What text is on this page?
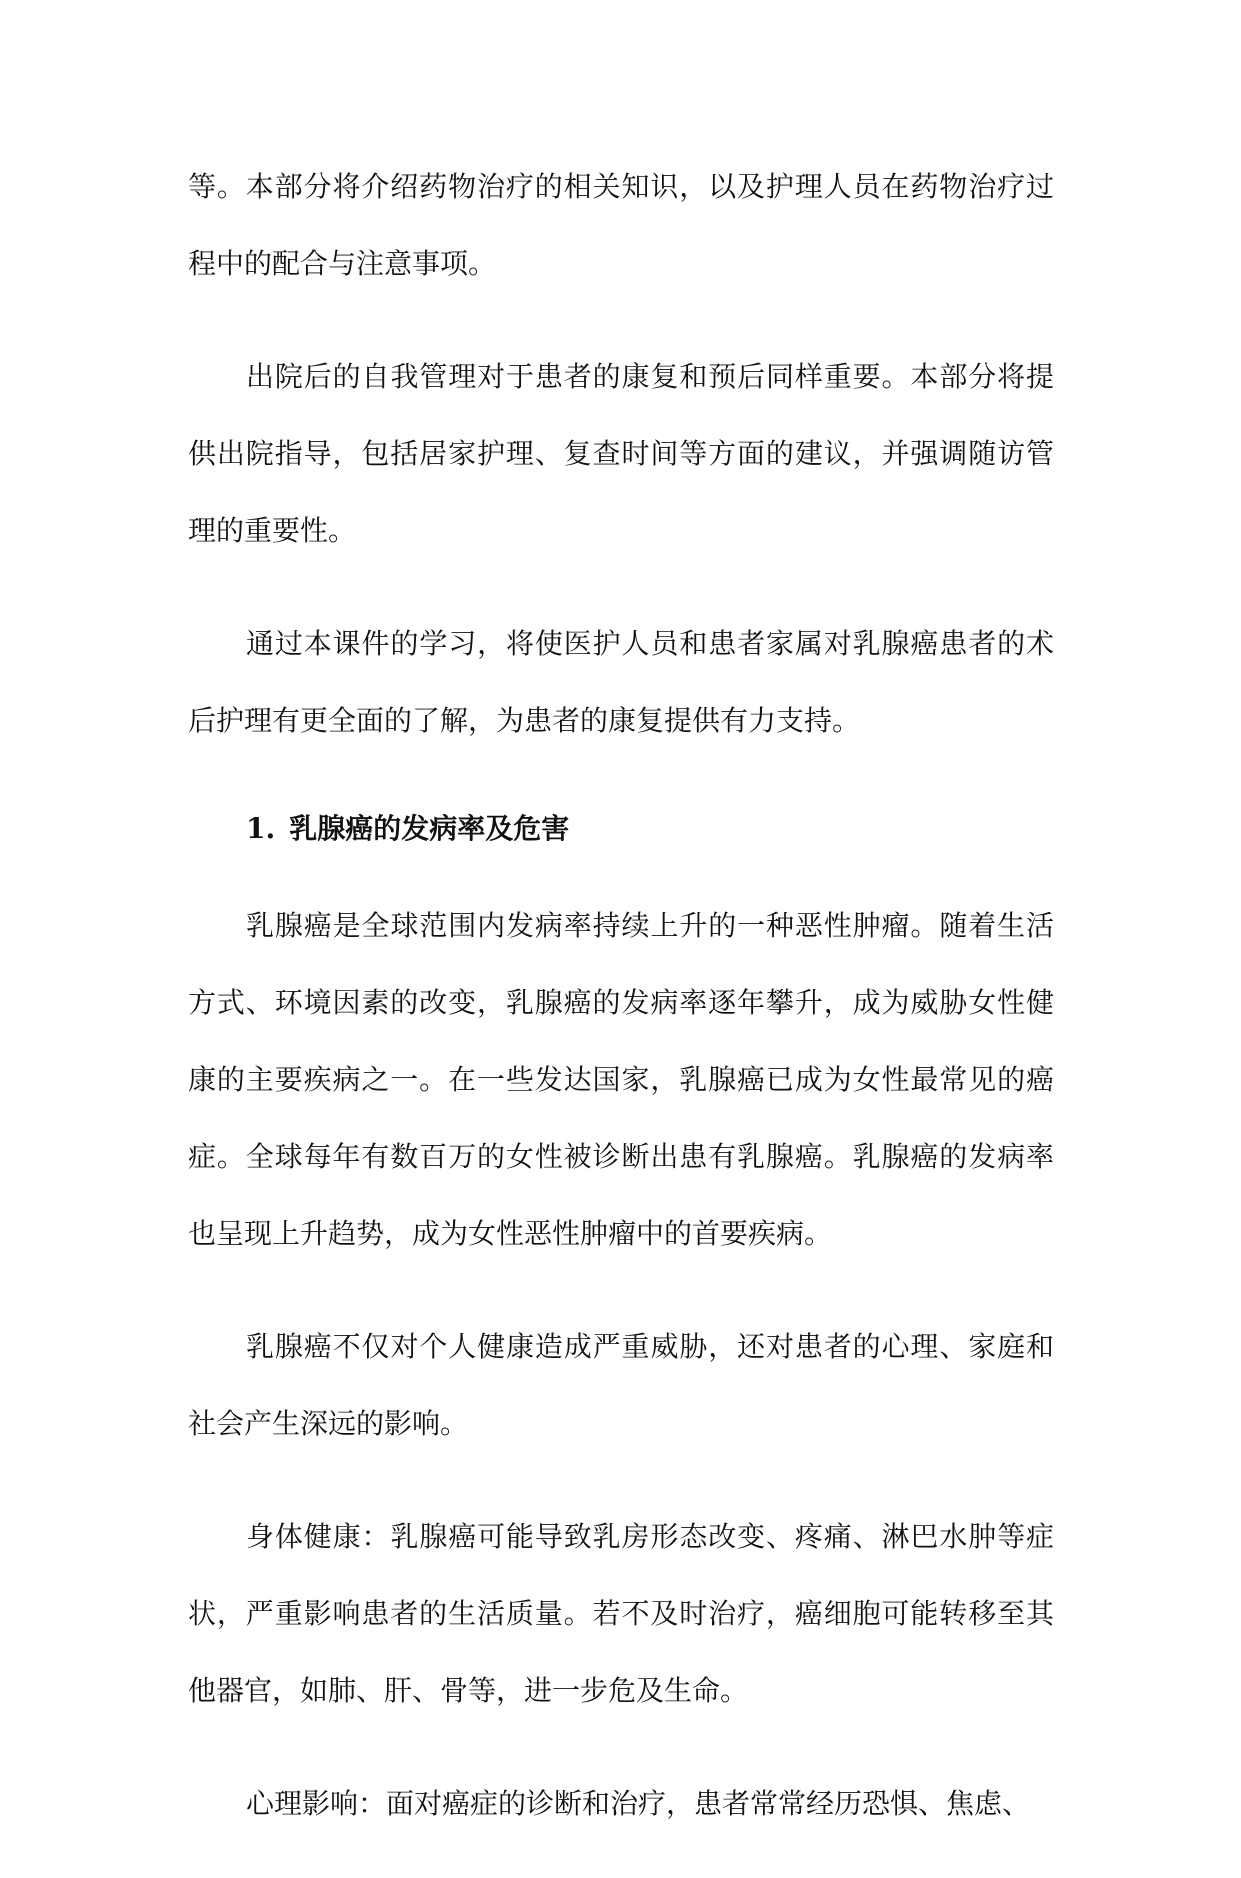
等。本部分将介绍药物治疗的相关知识，以及护理人员在药物治疗过程中的配合与注意事项。

出院后的自我管理对于患者的康复和预后同样重要。本部分将提供出院指导，包括居家护理、复查时间等方面的建议，并强调随访管理的重要性。

通过本课件的学习，将使医护人员和患者家属对乳腺癌患者的术后护理有更全面的了解，为患者的康复提供有力支持。

1. 乳腺癌的发病率及危害

乳腺癌是全球范围内发病率持续上升的一种恶性肿瘤。随着生活方式、环境因素的改变，乳腺癌的发病率逐年攀升，成为威胁女性健康的主要疾病之一。在一些发达国家，乳腺癌已成为女性最常见的癌症。全球每年有数百万的女性被诊断出患有乳腺癌。乳腺癌的发病率也呈现上升趋势，成为女性恶性肿瘤中的首要疾病。

乳腺癌不仅对个人健康造成严重威胁，还对患者的心理、家庭和社会产生深远的影响。

身体健康：乳腺癌可能导致乳房形态改变、疼痛、淋巴水肿等症状，严重影响患者的生活质量。若不及时治疗，癌细胞可能转移至其他器官，如肺、肝、骨等，进一步危及生命。

心理影响：面对癌症的诊断和治疗，患者常常经历恐惧、焦虑、
